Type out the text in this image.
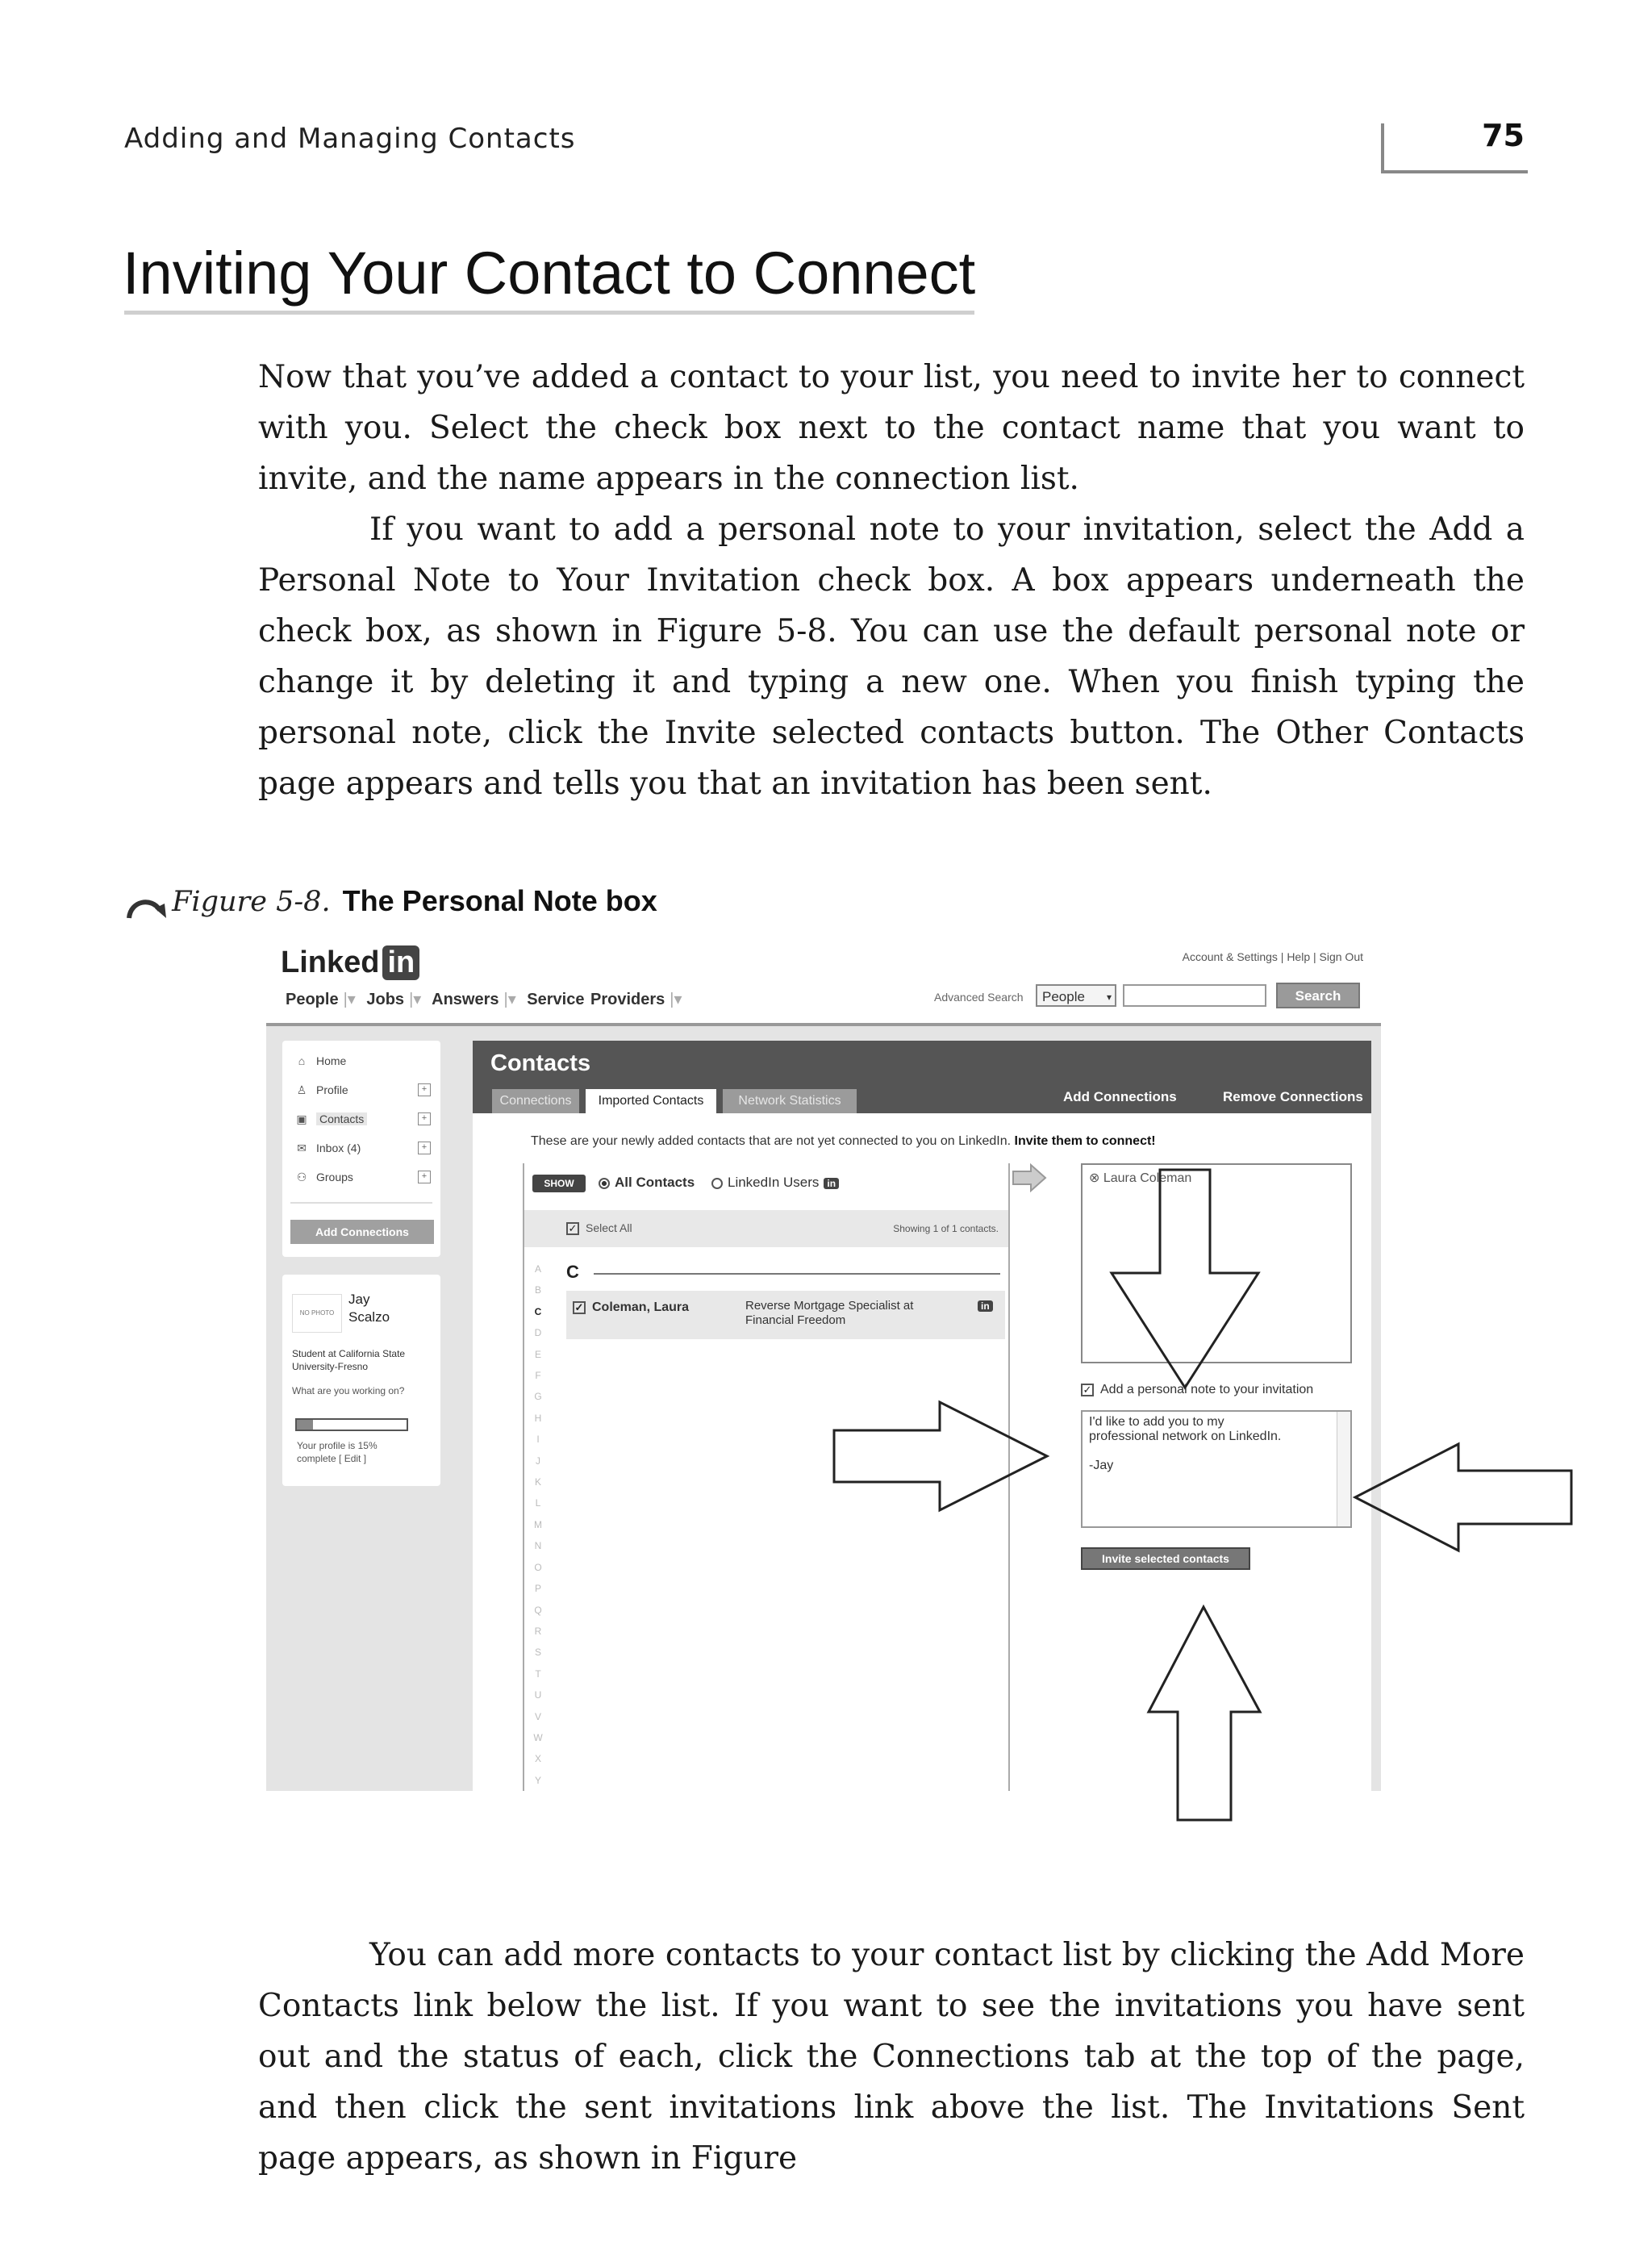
Adding and Managing Contacts	75
Inviting Your Contact to Connect

Now that you’ve added a contact to your list, you need to invite her to connect with you. Select the check box next to the contact name that you want to invite, and the name appears in the connection list.

If you want to add a personal note to your invitation, select the Add a Personal Note to Your Invitation check box. A box appears underneath the check box, as shown in Figure 5-8. You can use the default personal note or change it by deleting it and typing a new one. When you finish typing the personal note, click the Invite selected contacts button. The Other Contacts page appears and tells you that an invitation has been sent.

Figure 5-8. The Personal Note box
Linked in	Account & Settings | Help | Sign Out
People |▾ Jobs |▾ Answers |▾ Service Providers |▾	Advanced Search	People ▾	Search
⌂ Home
♙ Profile	+
▣ Contacts	+
✉ Inbox (4)	+
⚇ Groups	+
Add Connections
NO PHOTO
Jay
Scalzo
Student at California State
University-Fresno
What are you working on?
Your profile is 15%
complete [ Edit ]
Contacts
Connections	Imported Contacts	Network Statistics	Add Connections	Remove Connections
These are your newly added contacts that are not yet connected to you on LinkedIn. Invite them to connect!
SHOW	All Contacts	LinkedIn Users in
✓ Select All	Showing 1 of 1 contacts.
A
B
C
D
E
F
G
H
I
J
K
L
M
N
O
P
Q
R
S
T
U
V
W
X
Y
C
✓ Coleman, Laura	Reverse Mortgage Specialist at
Financial Freedom
in
⊗ Laura Coleman
✓ Add a personal note to your invitation
I'd like to add you to my
professional network on LinkedIn.

-Jay
Invite selected contacts

You can add more contacts to your contact list by clicking the Add More Contacts link below the list. If you want to see the invitations you have sent out and the status of each, click the Connections tab at the top of the page, and then click the sent invitations link above the list. The Invitations Sent page appears, as shown in Figure
